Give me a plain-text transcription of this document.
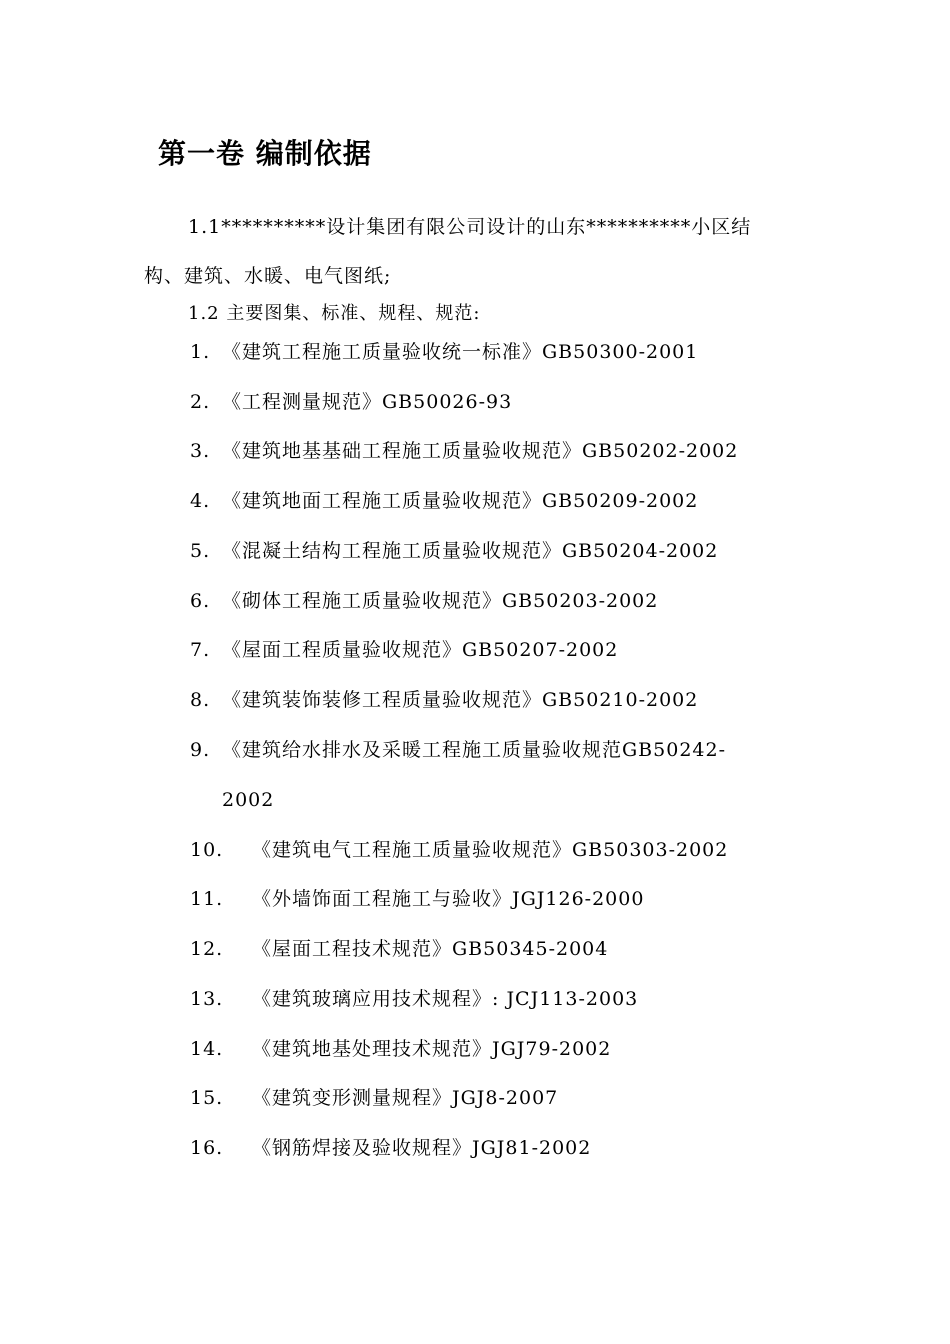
第一卷 编制依据
1.1**********设计集团有限公司设计的山东**********小区结
构、建筑、水暖、电气图纸;
1.2 主要图集、标准、规程、规范:
1. 《建筑工程施工质量验收统一标准》GB50300-2001
2. 《工程测量规范》GB50026-93
3. 《建筑地基基础工程施工质量验收规范》GB50202-2002
4. 《建筑地面工程施工质量验收规范》GB50209-2002
5. 《混凝土结构工程施工质量验收规范》GB50204-2002
6. 《砌体工程施工质量验收规范》GB50203-2002
7. 《屋面工程质量验收规范》GB50207-2002
8. 《建筑装饰装修工程质量验收规范》GB50210-2002
9. 《建筑给水排水及采暖工程施工质量验收规范GB50242-
2002
10. 《建筑电气工程施工质量验收规范》GB50303-2002
11. 《外墙饰面工程施工与验收》JGJ126-2000
12. 《屋面工程技术规范》GB50345-2004
13. 《建筑玻璃应用技术规程》: JCJ113-2003
14. 《建筑地基处理技术规范》JGJ79-2002
15. 《建筑变形测量规程》JGJ8-2007
16. 《钢筋焊接及验收规程》JGJ81-2002
